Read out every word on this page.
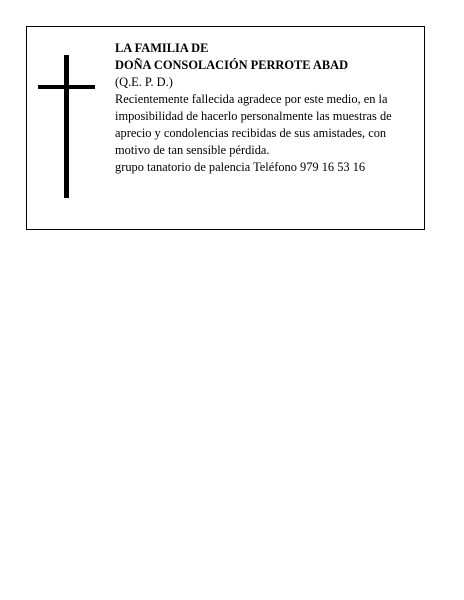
LA FAMILIA DE

DOÑA CONSOLACIÓN PERROTE ABAD

(Q.E. P. D.)

Recientemente fallecida agradece por este medio, en la imposibilidad de hacerlo personalmente las muestras de aprecio y condolencias recibidas de sus amistades, con motivo de tan sensible pérdida.

grupo tanatorio de palencia Teléfono 979 16 53 16
